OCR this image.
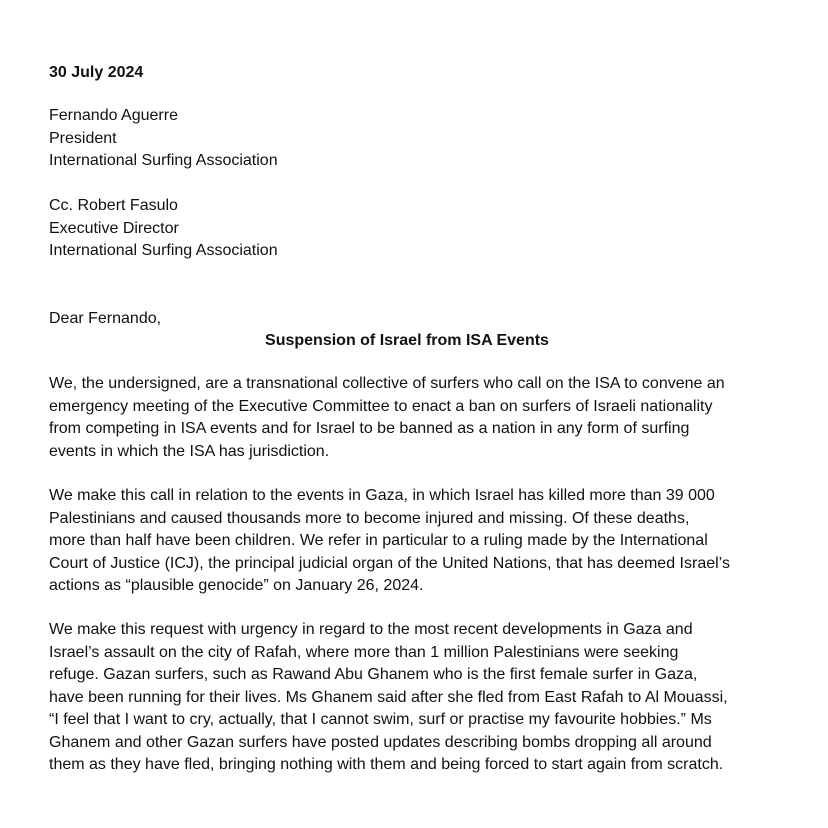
30 July 2024
Fernando Aguerre
President
International Surfing Association
Cc. Robert Fasulo
Executive Director
International Surfing Association
Dear Fernando,
Suspension of Israel from ISA Events
We, the undersigned, are a transnational collective of surfers who call on the ISA to convene an
emergency meeting of the Executive Committee to enact a ban on surfers of Israeli nationality
from competing in ISA events and for Israel to be banned as a nation in any form of surfing
events in which the ISA has jurisdiction.
We make this call in relation to the events in Gaza, in which Israel has killed more than 39 000
Palestinians and caused thousands more to become injured and missing. Of these deaths,
more than half have been children. We refer in particular to a ruling made by the International
Court of Justice (ICJ), the principal judicial organ of the United Nations, that has deemed Israel’s
actions as “plausible genocide” on January 26, 2024.
We make this request with urgency in regard to the most recent developments in Gaza and
Israel’s assault on the city of Rafah, where more than 1 million Palestinians were seeking
refuge. Gazan surfers, such as Rawand Abu Ghanem who is the first female surfer in Gaza,
have been running for their lives. Ms Ghanem said after she fled from East Rafah to Al Mouassi,
“I feel that I want to cry, actually, that I cannot swim, surf or practise my favourite hobbies.” Ms
Ghanem and other Gazan surfers have posted updates describing bombs dropping all around
them as they have fled, bringing nothing with them and being forced to start again from scratch.
